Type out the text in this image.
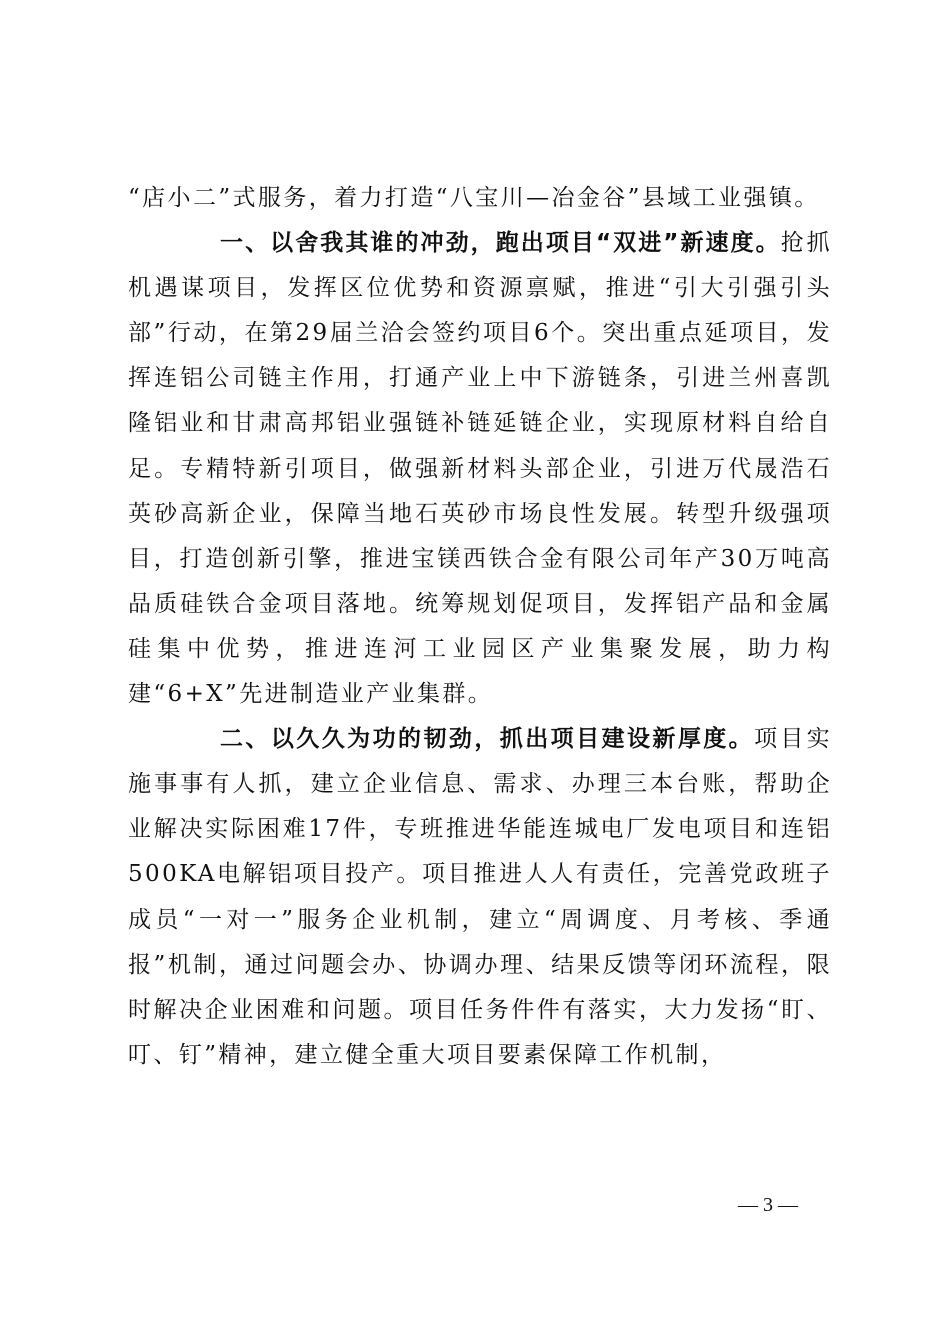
“店小二”式服务，着力打造“八宝川—冶金谷”县域工业强镇。

一、以舍我其谁的冲劲，跑出项目“双进”新速度。抢抓机遇谋项目，发挥区位优势和资源禀赋，推进“引大引强引头部”行动，在第29届兰洽会签约项目6个。突出重点延项目，发挥连铝公司链主作用，打通产业上中下游链条，引进兰州喜凯隆铝业和甘肃高邦铝业强链补链延链企业，实现原材料自给自足。专精特新引项目，做强新材料头部企业，引进万代晟浩石英砂高新企业，保障当地石英砂市场良性发展。转型升级强项目，打造创新引擎，推进宝镁西铁合金有限公司年产30万吨高品质硅铁合金项目落地。统筹规划促项目，发挥铝产品和金属硅集中优势，推进连河工业园区产业集聚发展，助力构建“6+X”先进制造业产业集群。

二、以久久为功的韧劲，抓出项目建设新厚度。项目实施事事有人抓，建立企业信息、需求、办理三本台账，帮助企业解决实际困难17件，专班推进华能连城电厂发电项目和连铝500KA电解铝项目投产。项目推进人人有责任，完善党政班子成员“一对一”服务企业机制，建立“周调度、月考核、季通报”机制，通过问题会办、协调办理、结果反馈等闭环流程，限时解决企业困难和问题。项目任务件件有落实，大力发扬“盯、叮、钉”精神，建立健全重大项目要素保障工作机制，

— 3 —
